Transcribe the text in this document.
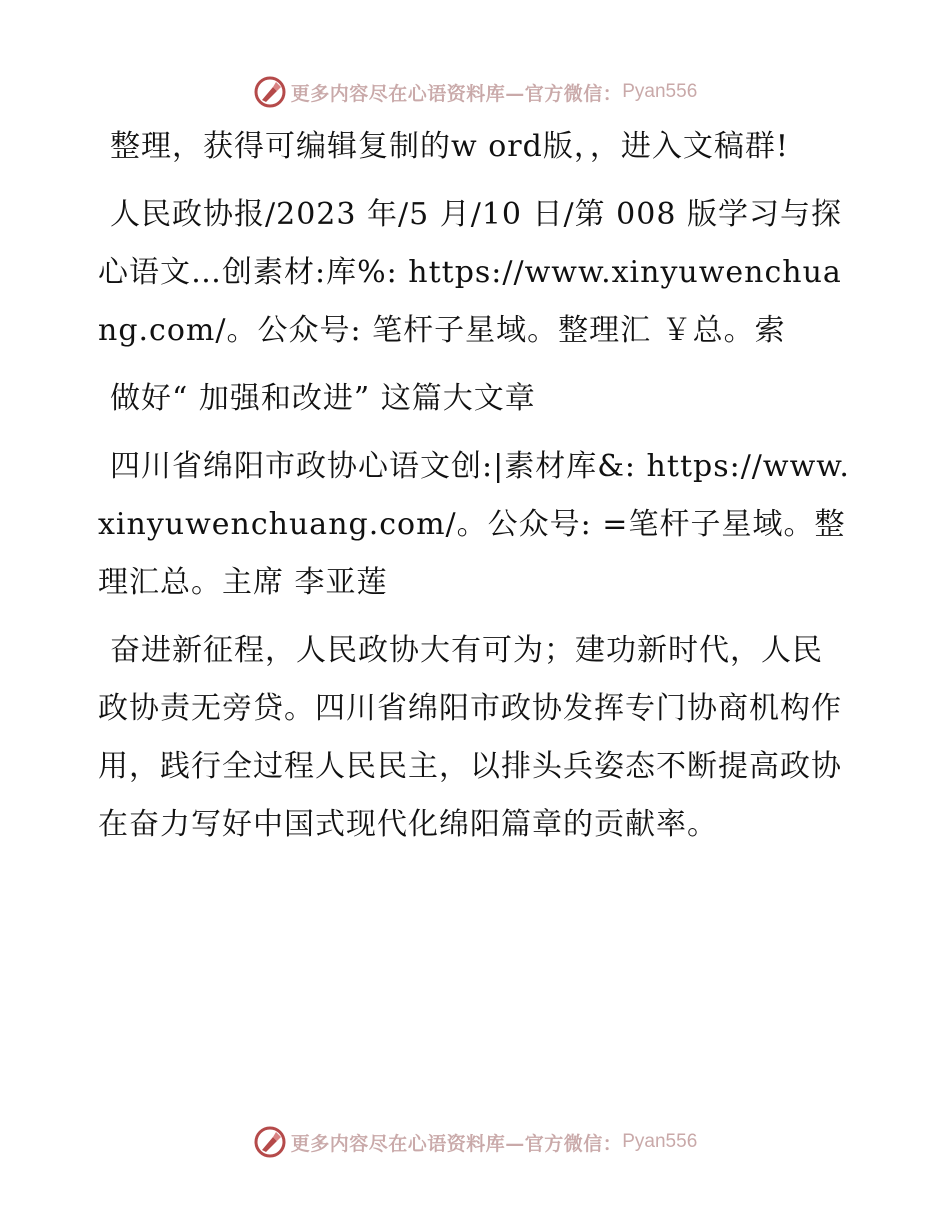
更多内容尽在心语资料库—官方微信： Pyan556

整理，获得可编辑复制的w ord版，，进入文稿群!

人民政协报/2023 年/5 月/10 日/第 008 版学习与探心语文…创素材:库%: https://www.xinyuwenchuang.com/。公众号: 笔杆子星域。整理汇 ￥总。索

做好“ 加强和改进” 这篇大文章

四川省绵阳市政协心语文创:|素材库&: https://www.xinyuwenchuang.com/。公众号: =笔杆子星域。整理汇总。主席 李亚莲

奋进新征程，人民政协大有可为；建功新时代，人民政协责无旁贷。四川省绵阳市政协发挥专门协商机构作用，践行全过程人民民主，以排头兵姿态不断提高政协在奋力写好中国式现代化绵阳篇章的贡献率。

更多内容尽在心语资料库—官方微信： Pyan556
